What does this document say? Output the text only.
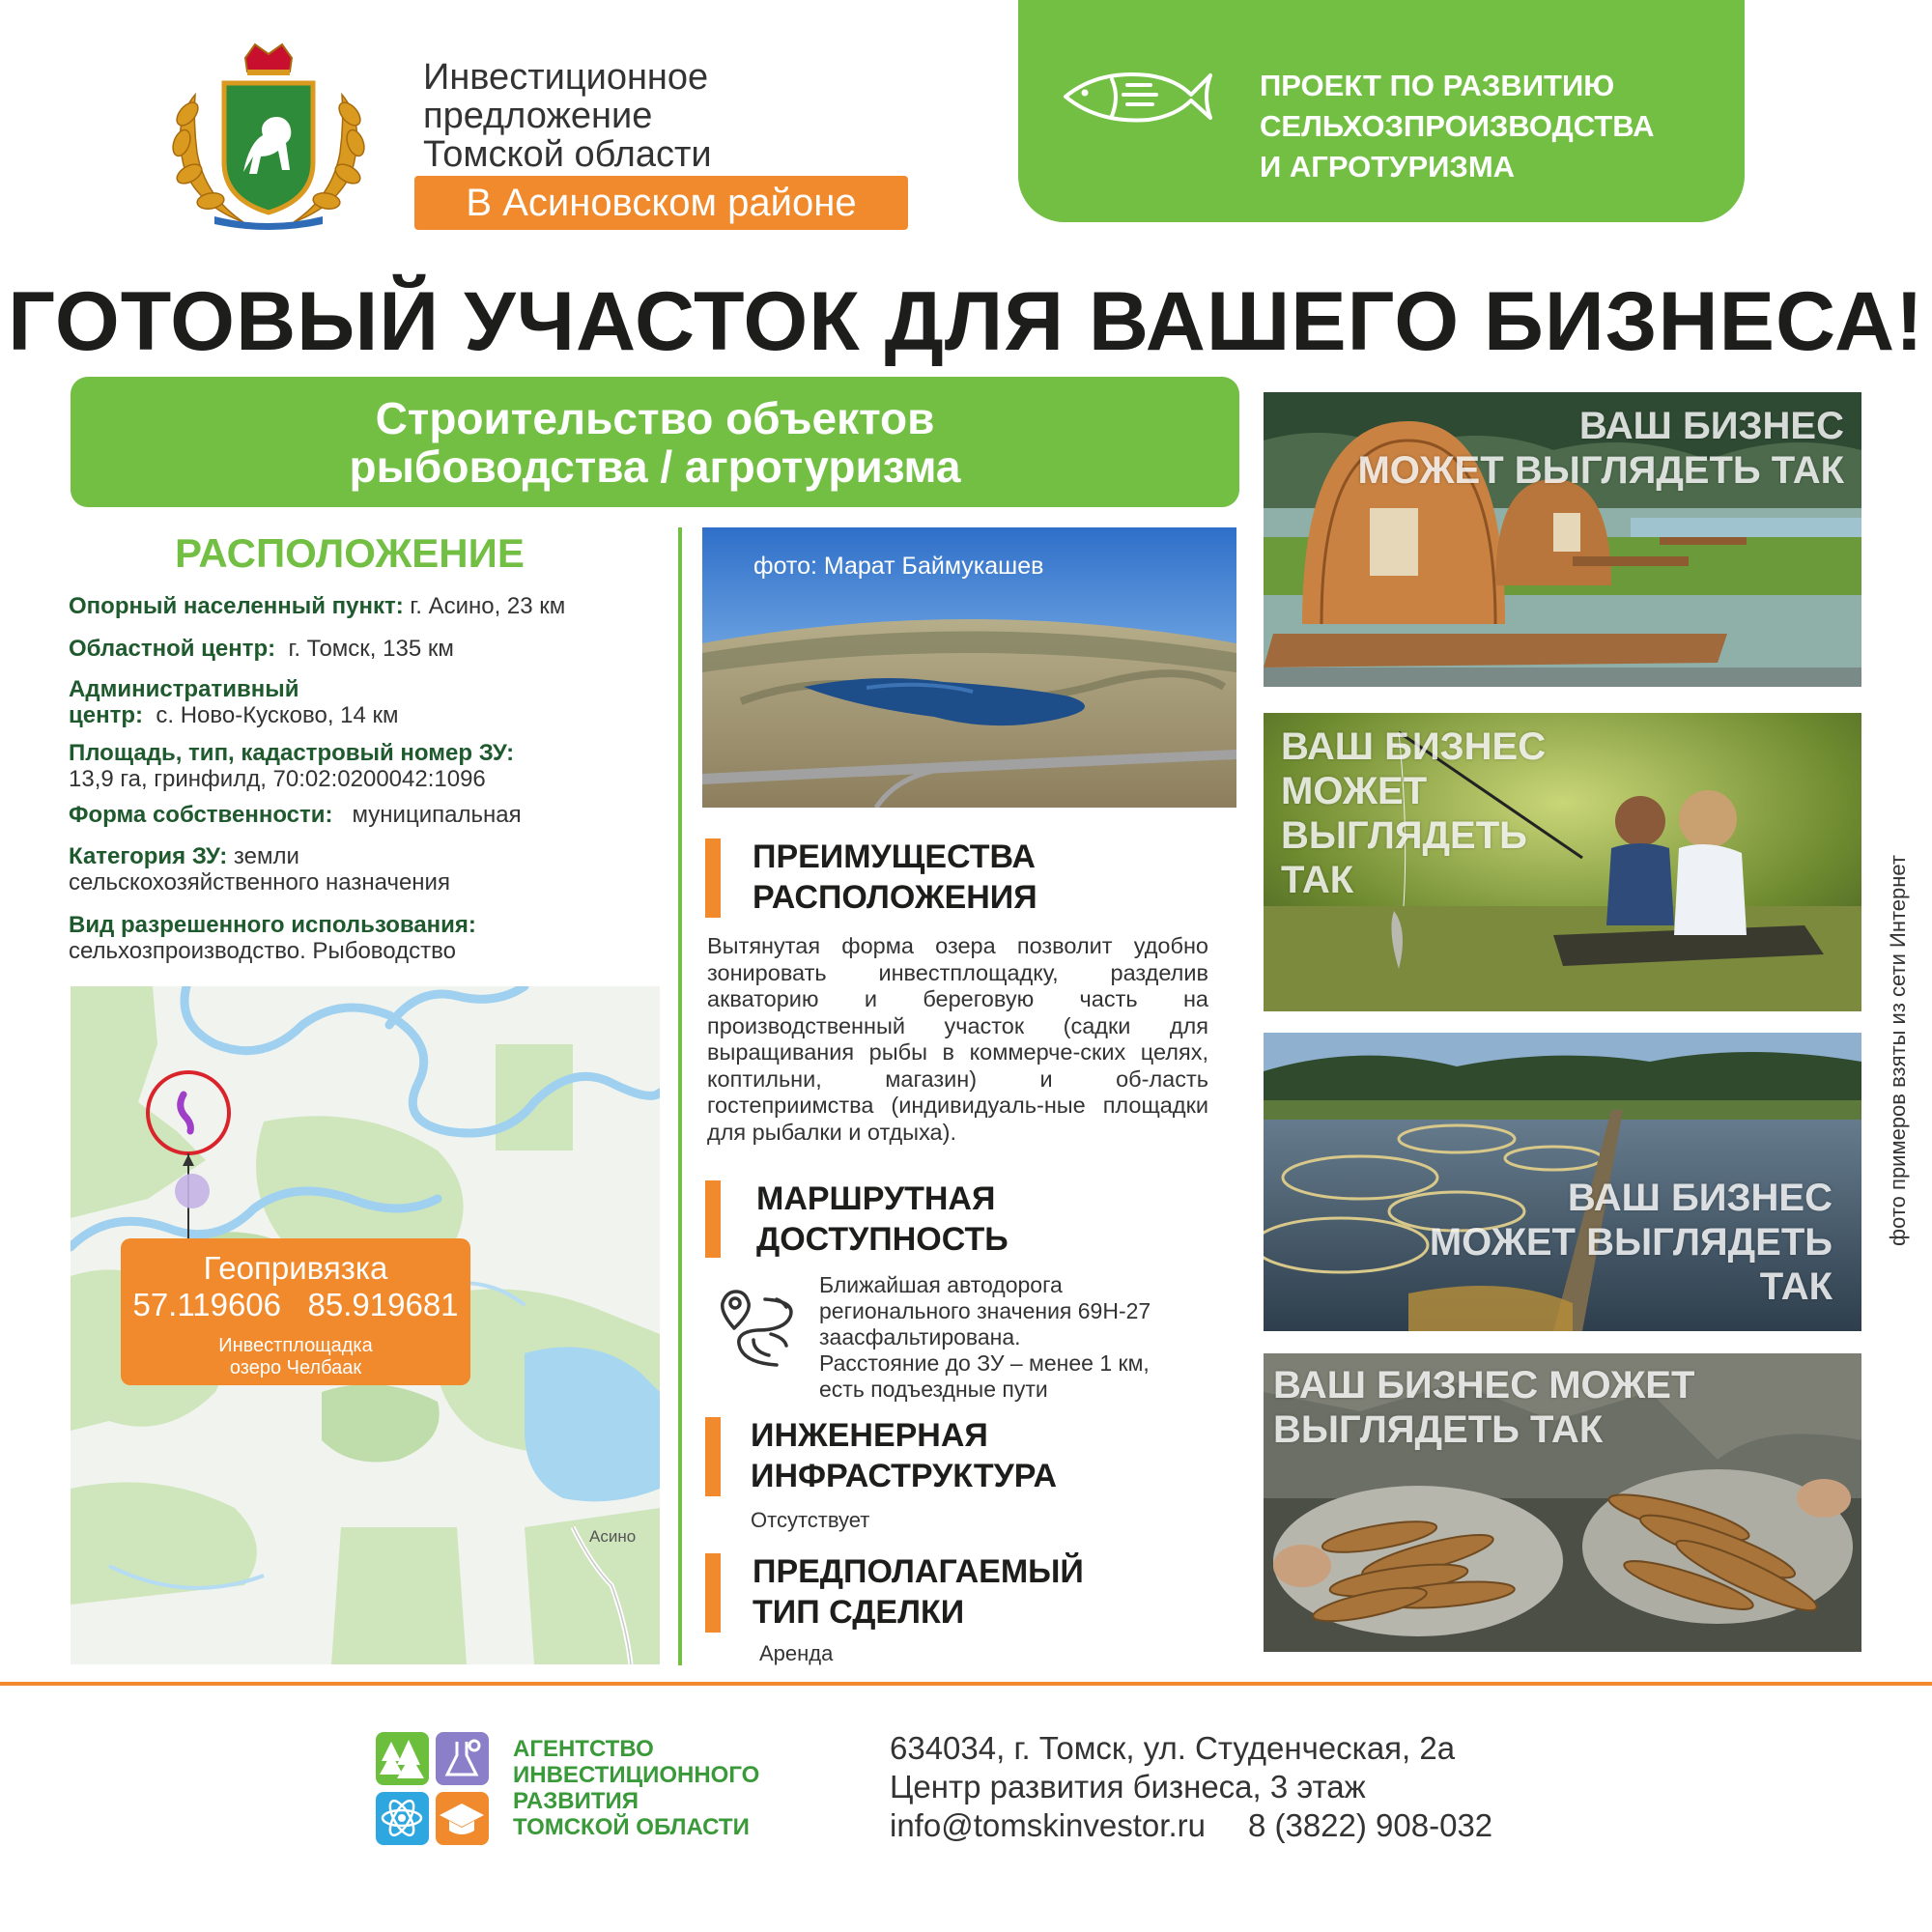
Инвестиционное
предложение
Томской области
В Асиновском районе
ПРОЕКТ ПО РАЗВИТИЮ
СЕЛЬХОЗПРОИЗВОДСТВА
И АГРОТУРИЗМА
ГОТОВЫЙ УЧАСТОК ДЛЯ ВАШЕГО БИЗНЕСА!
Строительство объектов
рыбоводства / агротуризма
РАСПОЛОЖЕНИЕ
Опорный населенный пункт: г. Асино, 23 км
Областной центр:  г. Томск, 135 км
Административный
центр:  с. Ново-Кусково, 14 км
Площадь, тип, кадастровый номер ЗУ:
13,9 га, гринфилд, 70:02:0200042:1096
Форма собственности:   муниципальная
Категория ЗУ: земли
сельскохозяйственного назначения
Вид разрешенного использования:
сельхозпроизводство. Рыбоводство
Геопривязка
57.119606 85.919681
Инвестплощадка
озеро Челбаак
Асино
фото: Марат Баймукашев
ПРЕИМУЩЕСТВА
РАСПОЛОЖЕНИЯ
Вытянутая форма озера позволит удобно зонировать инвестплощадку, разделив акваторию и береговую часть на производственный участок (садки для выращивания рыбы в коммерче-ских целях, коптильни, магазин) и об-ласть гостеприимства (индивидуаль-ные площадки для рыбалки и отдыха).
МАРШРУТНАЯ
ДОСТУПНОСТЬ
Ближайшая автодорога
регионального значения 69Н-27
заасфальтирована.
Расстояние до ЗУ – менее 1 км,
есть подъездные пути
ИНЖЕНЕРНАЯ
ИНФРАСТРУКТУРА
Отсутствует
ПРЕДПОЛАГАЕМЫЙ
ТИП СДЕЛКИ
Аренда
ВАШ БИЗНЕС
МОЖЕТ ВЫГЛЯДЕТЬ ТАК
ВАШ БИЗНЕС
МОЖЕТ
ВЫГЛЯДЕТЬ
ТАК
ВАШ БИЗНЕС
МОЖЕТ ВЫГЛЯДЕТЬ
ТАК
ВАШ БИЗНЕС МОЖЕТ
ВЫГЛЯДЕТЬ ТАК
фото примеров взяты из сети Интернет
АГЕНТСТВО
ИНВЕСТИЦИОННОГО
РАЗВИТИЯ
ТОМСКОЙ ОБЛАСТИ
634034, г. Томск, ул. Студенческая, 2а
Центр развития бизнеса, 3 этаж
info@tomskinvestor.ru 8 (3822) 908-032
